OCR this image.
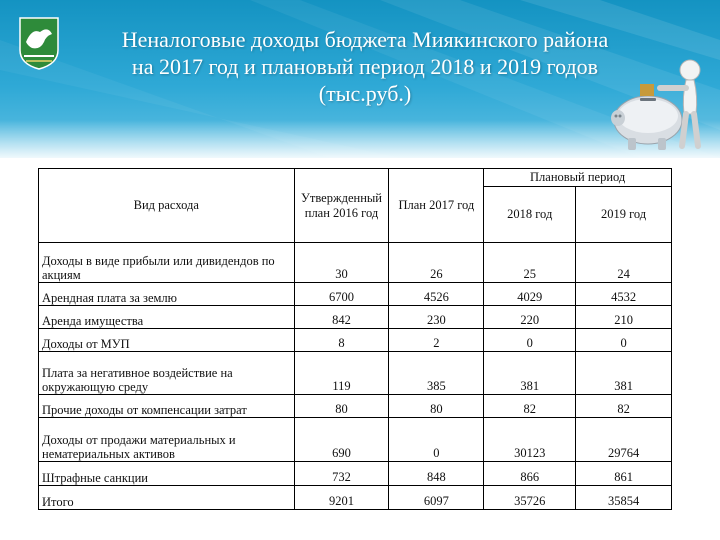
Неналоговые доходы бюджета Миякинского района
на 2017 год и плановый период 2018 и 2019 годов
(тыс.руб.)
Вид расхода	Утвержденный план 2016 год	План 2017 год	Плановый период	
			2018 год	2019 год
Доходы в виде прибыли или дивидендов по акциям	30	26	25	24
Арендная плата за землю	6700	4526	4029	4532
Аренда имущества	842	230	220	210
Доходы от МУП	8	2	0	0
Плата за негативное воздействие на окружающую среду	119	385	381	381
Прочие доходы от компенсации затрат	80	80	82	82
Доходы от продажи материальных и нематериальных активов	690	0	30123	29764
Штрафные санкции	732	848	866	861
Итого	9201	6097	35726	35854
